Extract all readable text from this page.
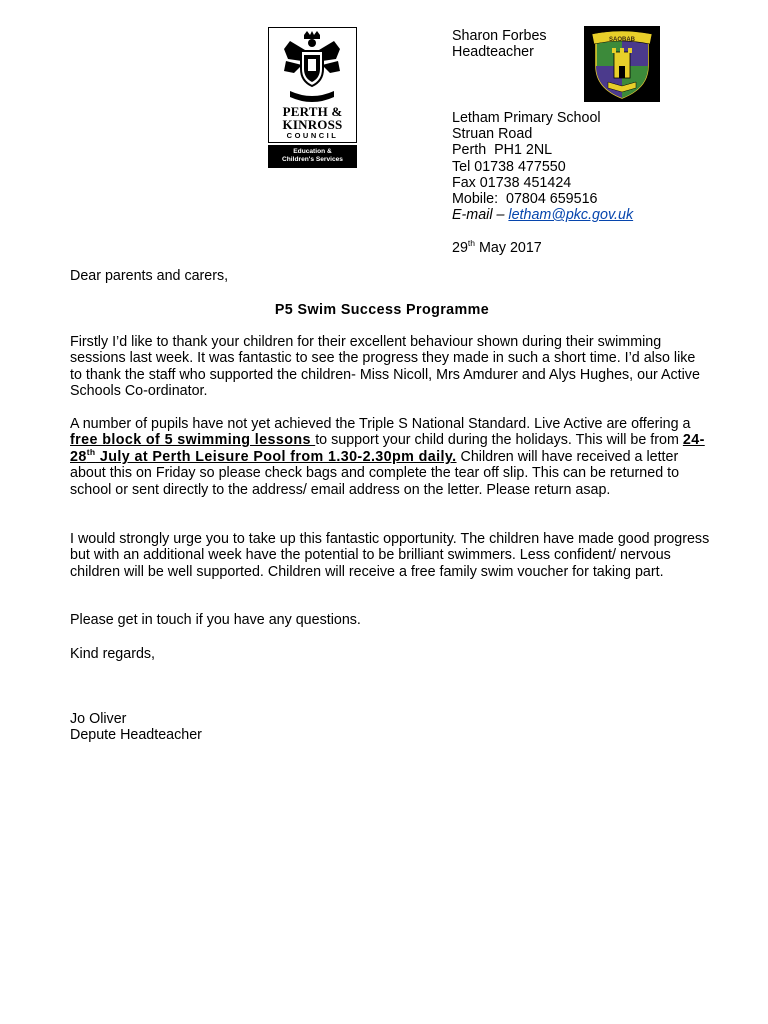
PERTH &
KINROSS
COUNCIL
Education &
Children's Services
SAOBAB
Sharon Forbes
Headteacher
Letham Primary School
Struan Road
Perth  PH1 2NL
Tel 01738 477550
Fax 01738 451424
Mobile:  07804 659516
E-mail – letham@pkc.gov.uk
29th May 2017
Dear parents and carers,
P5 Swim Success Programme

Firstly I’d like to thank your children for their excellent behaviour shown during their swimming sessions last week. It was fantastic to see the progress they made in such a short time. I’d also like to thank the staff who supported the children- Miss Nicoll, Mrs Amdurer and Alys Hughes, our Active Schools Co-ordinator.

A number of pupils have not yet achieved the Triple S National Standard. Live Active are offering a free block of 5 swimming lessons to support your child during the holidays. This will be from 24-28th July at Perth Leisure Pool from 1.30-2.30pm daily. Children will have received a letter about this on Friday so please check bags and complete the tear off slip. This can be returned to school or sent directly to the address/ email address on the letter. Please return asap.

I would strongly urge you to take up this fantastic opportunity. The children have made good progress but with an additional week have the potential to be brilliant swimmers. Less confident/ nervous children will be well supported. Children will receive a free family swim voucher for taking part.

Please get in touch if you have any questions.

Kind regards,

Jo Oliver

Depute Headteacher
